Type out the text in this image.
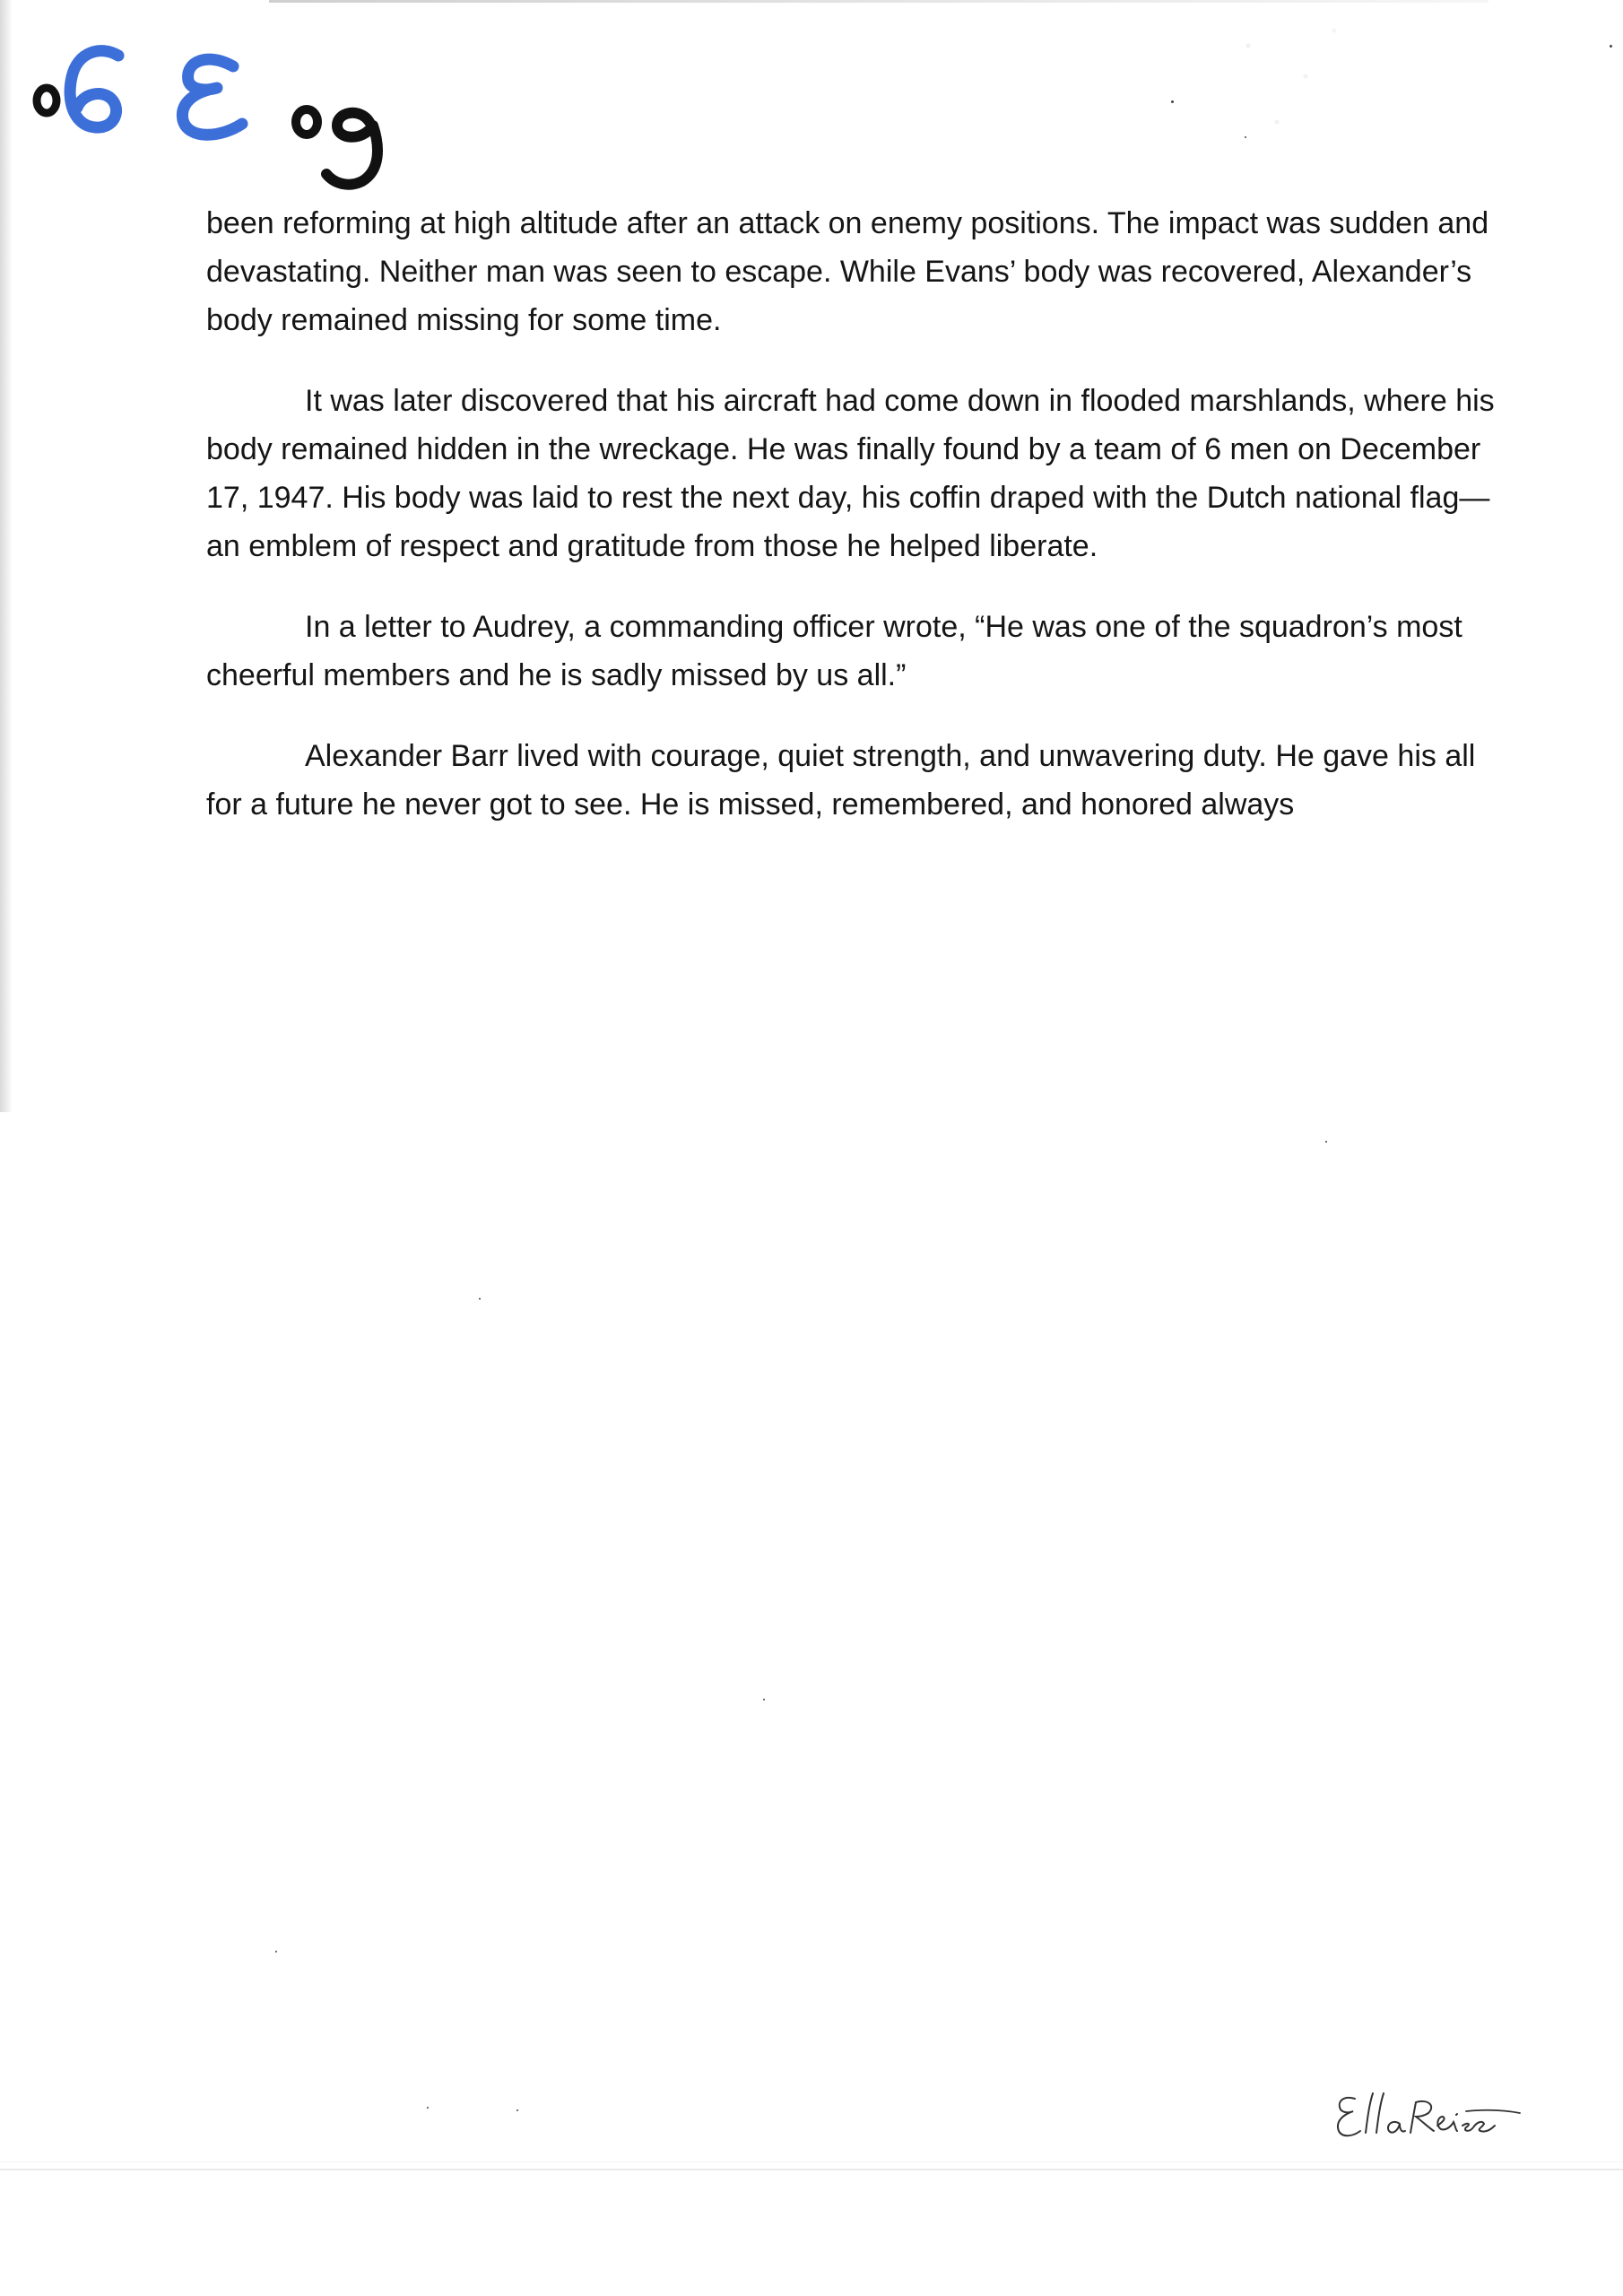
been reforming at high altitude after an attack on enemy positions. The impact was sudden and devastating. Neither man was seen to escape. While Evans’ body was recovered, Alexander’s body remained missing for some time.

It was later discovered that his aircraft had come down in flooded marshlands, where his body remained hidden in the wreckage. He was finally found by a team of 6 men on December 17, 1947. His body was laid to rest the next day, his coffin draped with the Dutch national flag—an emblem of respect and gratitude from those he helped liberate.

In a letter to Audrey, a commanding officer wrote, “He was one of the squadron’s most cheerful members and he is sadly missed by us all.”

Alexander Barr lived with courage, quiet strength, and unwavering duty. He gave his all for a future he never got to see. He is missed, remembered, and honored always
